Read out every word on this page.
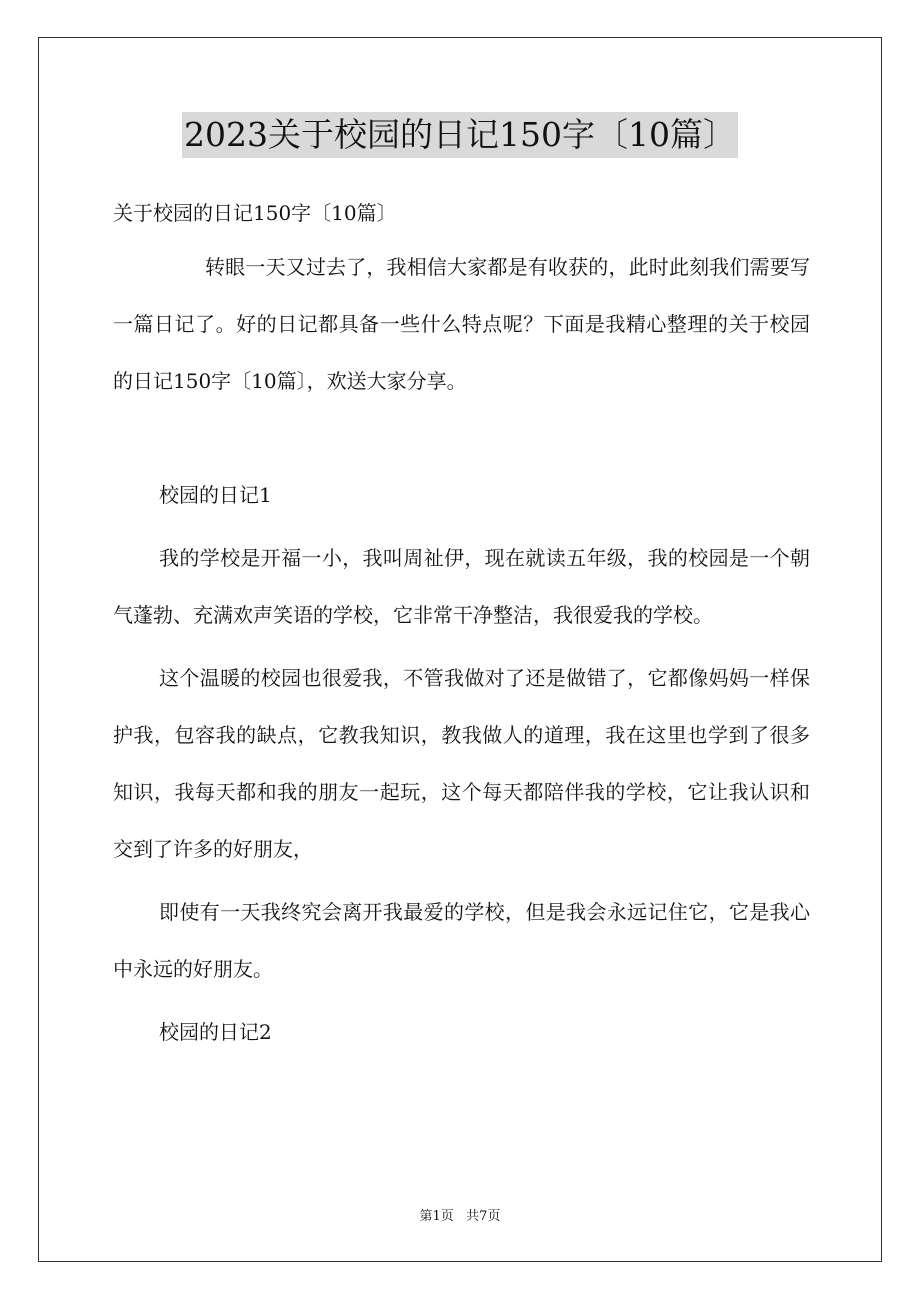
2023关于校园的日记150字〔10篇〕

关于校园的日记150字〔10篇〕

转眼一天又过去了，我相信大家都是有收获的，此时此刻我们需要写一篇日记了。好的日记都具备一些什么特点呢？下面是我精心整理的关于校园的日记150字〔10篇〕，欢送大家分享。

校园的日记1

我的学校是开福一小，我叫周祉伊，现在就读五年级，我的校园是一个朝气蓬勃、充满欢声笑语的学校，它非常干净整洁，我很爱我的学校。

这个温暖的校园也很爱我，不管我做对了还是做错了，它都像妈妈一样保护我，包容我的缺点，它教我知识，教我做人的道理，我在这里也学到了很多知识，我每天都和我的朋友一起玩，这个每天都陪伴我的学校，它让我认识和交到了许多的好朋友，

即使有一天我终究会离开我最爱的学校，但是我会永远记住它，它是我心中永远的好朋友。

校园的日记2

第1页   共7页
